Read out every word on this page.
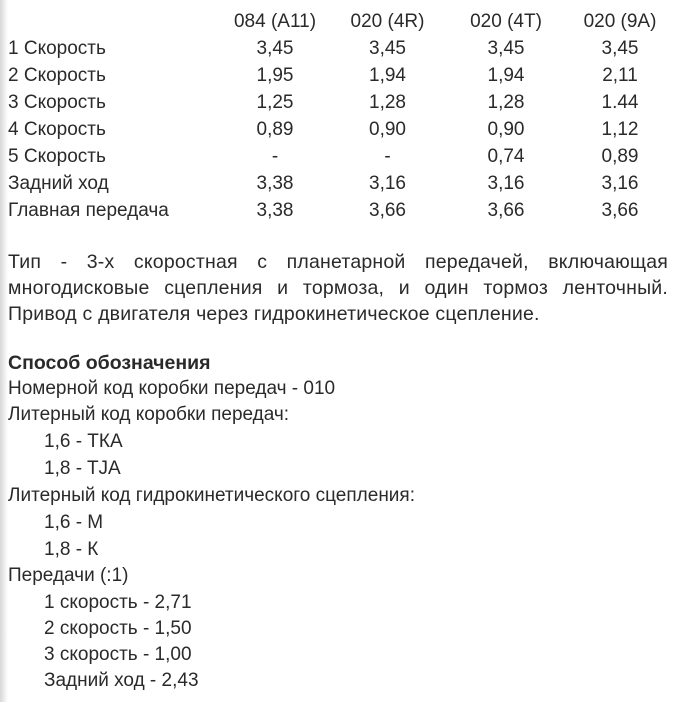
	084 (A11)	020 (4R)	020 (4T)	020 (9A)
1 Скорость	3,45	3,45	3,45	3,45
2 Скорость	1,95	1,94	1,94	2,11
3 Скорость	1,25	1,28	1,28	1.44
4 Скорость	0,89	0,90	0,90	1,12
5 Скорость	-	-	0,74	0,89
Задний ход	3,38	3,16	3,16	3,16
Главная передача	3,38	3,66	3,66	3,66

Тип - 3-х скоростная с планетарной передачей, включающая многодисковые сцепления и тормоза, и один тормоз ленточный. Привод с двигателя через гидрокинетическое сцепление.

Способ обозначения

Номерной код коробки передач - 010

Литерный код коробки передач:

1,6 - ТКА

1,8 - TJA

Литерный код гидрокинетического сцепления:

1,6 - М

1,8 - К

Передачи (:1)

1 скорость - 2,71

2 скорость - 1,50

3 скорость - 1,00

Задний ход - 2,43
